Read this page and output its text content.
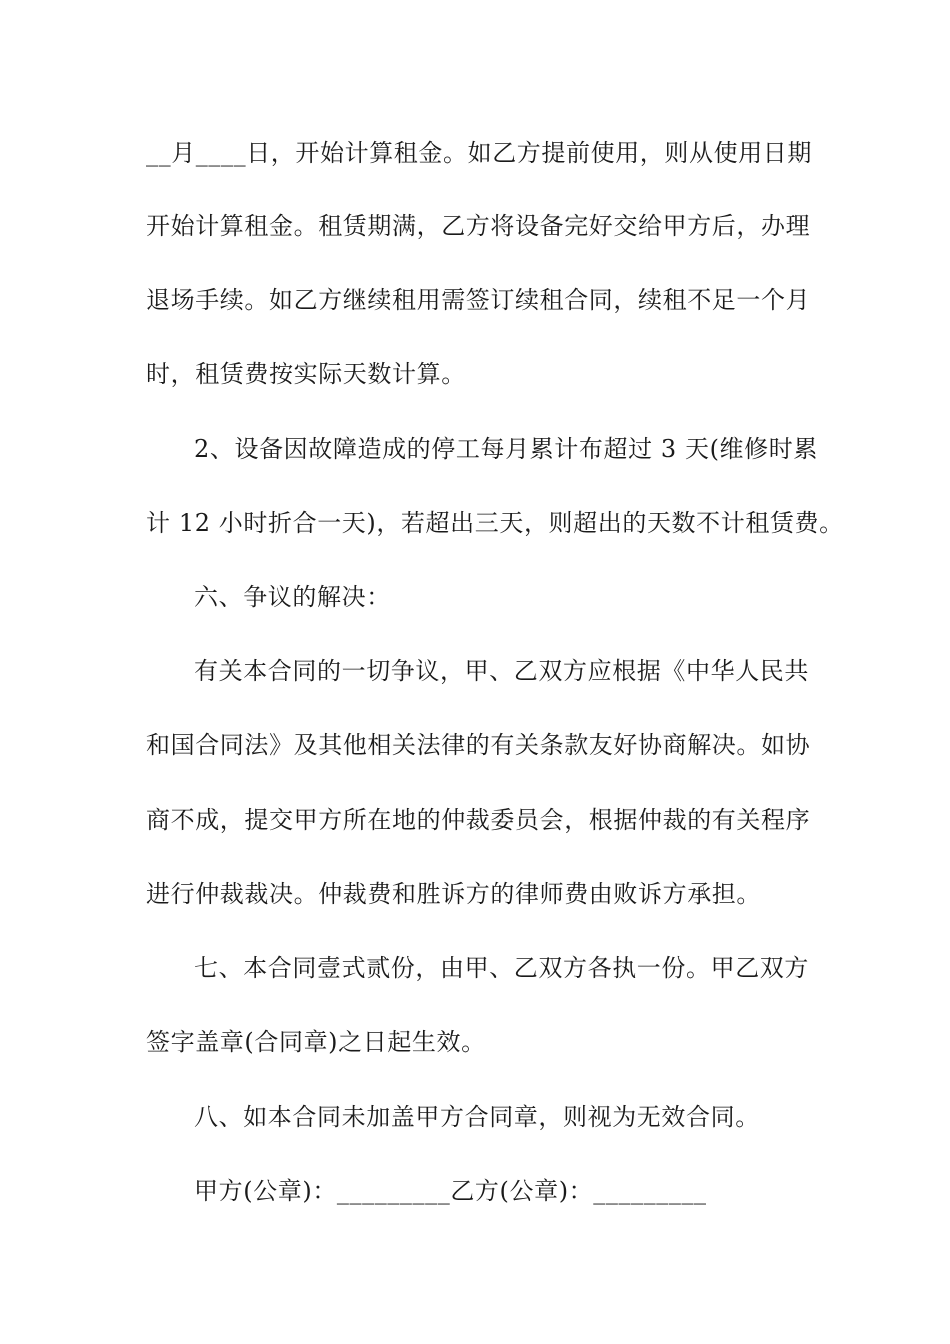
__月____日，开始计算租金。如乙方提前使用，则从使用日期
开始计算租金。租赁期满，乙方将设备完好交给甲方后，办理
退场手续。如乙方继续租用需签订续租合同，续租不足一个月
时，租赁费按实际天数计算。
2、设备因故障造成的停工每月累计布超过 3 天(维修时累
计 12 小时折合一天)，若超出三天，则超出的天数不计租赁费。
六、争议的解决：
有关本合同的一切争议，甲、乙双方应根据《中华人民共
和国合同法》及其他相关法律的有关条款友好协商解决。如协
商不成，提交甲方所在地的仲裁委员会，根据仲裁的有关程序
进行仲裁裁决。仲裁费和胜诉方的律师费由败诉方承担。
七、本合同壹式贰份，由甲、乙双方各执一份。甲乙双方
签字盖章(合同章)之日起生效。
八、如本合同未加盖甲方合同章，则视为无效合同。
甲方(公章)：_________乙方(公章)：_________
